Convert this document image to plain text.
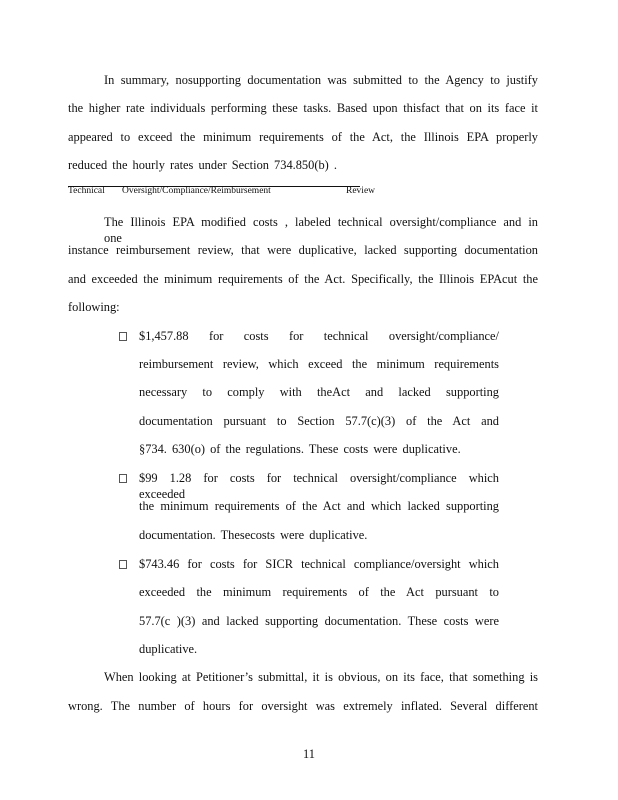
In summary, nosupporting documentation was submitted to the Agency to justify
the higher rate individuals performing these tasks. Based upon thisfact that on its face it
appeared to exceed the minimum requirements of the Act, the Illinois EPA properly
reduced the hourly rates under Section 734.850(b) .
Technical Oversight/Compliance/Reimbursement	Review
The Illinois EPA modified costs , labeled technical oversight/compliance and in one
instance reimbursement review, that were duplicative, lacked supporting documentation
and exceeded the minimum requirements of the Act. Specifically, the Illinois EPAcut the
following:
$1,457.88 for costs for technical oversight/compliance/
reimbursement review, which exceed the minimum requirements
necessary to comply with theAct and lacked supporting
documentation pursuant to Section 57.7(c)(3) of the Act and
§734. 630(o) of the regulations. These costs were duplicative.
$99 1.28 for costs for technical oversight/compliance which exceeded
the minimum requirements of the Act and which lacked supporting
documentation. Thesecosts were duplicative.
$743.46 for costs for SICR technical compliance/oversight which
exceeded the minimum requirements of the Act pursuant to
57.7(c )(3) and lacked supporting documentation. These costs were
duplicative.
When looking at Petitioner’s submittal, it is obvious, on its face, that something is
wrong. The number of hours for oversight was extremely inflated. Several different
11
